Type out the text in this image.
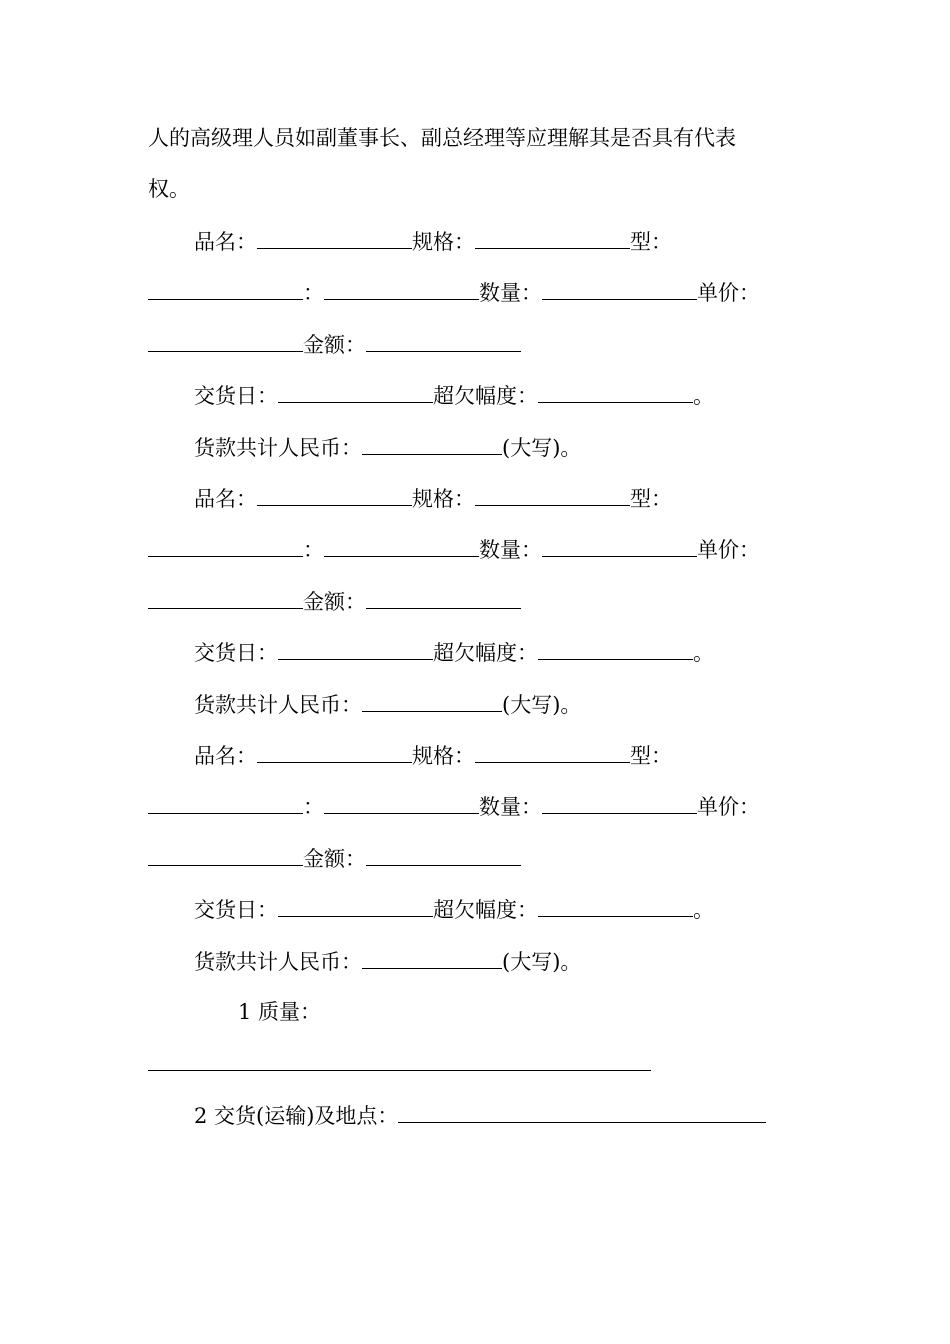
人的高级理人员如副董事长、副总经理等应理解其是否具有代表
权。
品名：	规格：	型：
：	数量：	单价：
金额：
交货日：	超欠幅度：	。
货款共计人民币：	(大写)。
品名：	规格：	型：
：	数量：	单价：
金额：
交货日：	超欠幅度：	。
货款共计人民币：	(大写)。
品名：	规格：	型：
：	数量：	单价：
金额：
交货日：	超欠幅度：	。
货款共计人民币：	(大写)。
1 质量：
2 交货(运输)及地点：
